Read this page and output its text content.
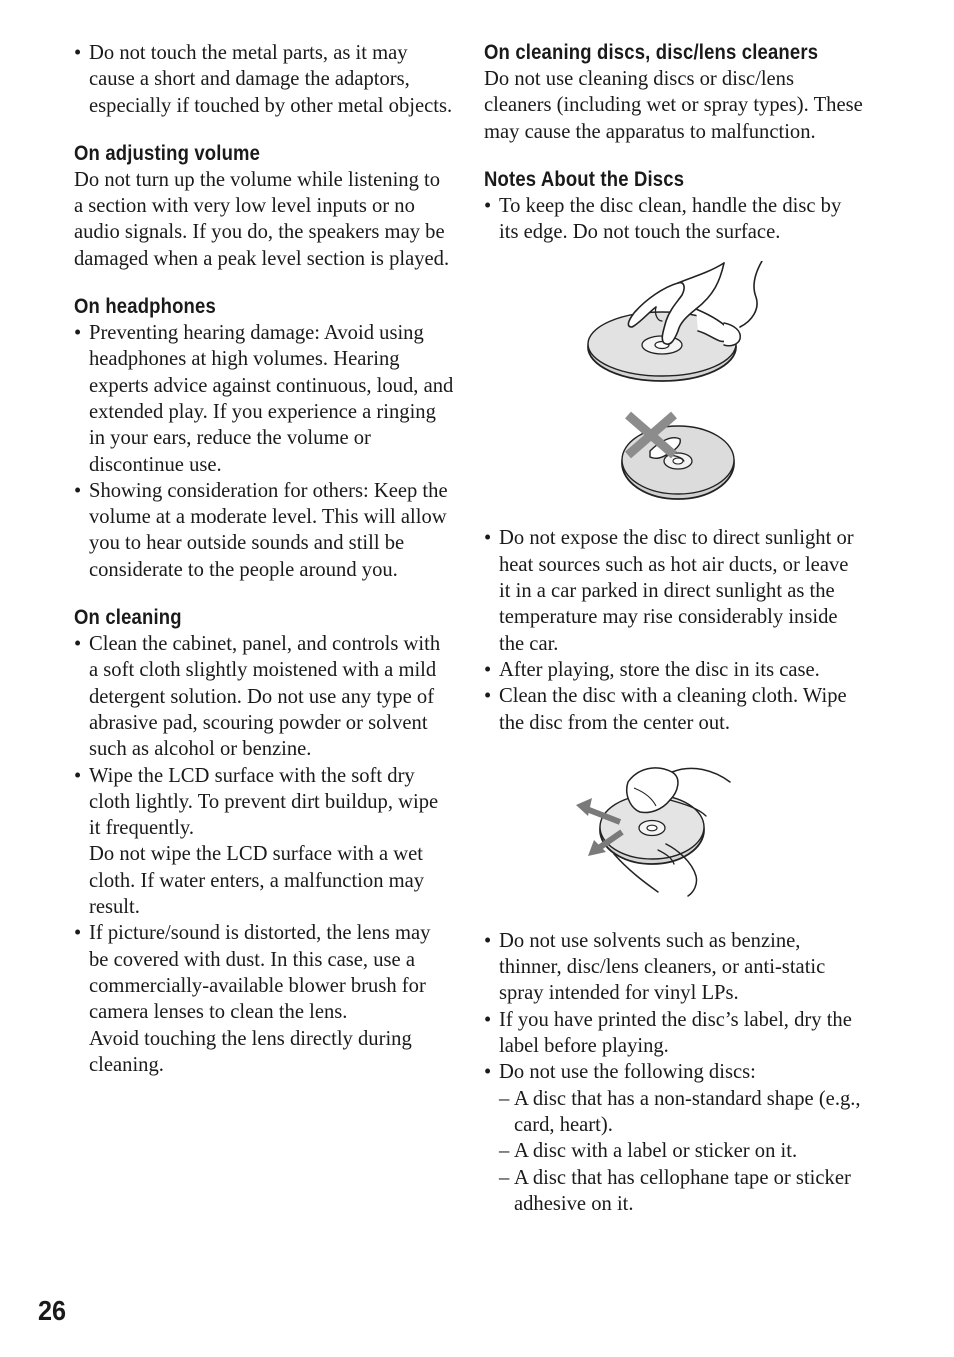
• Do not touch the metal parts, as it may cause a short and damage the adaptors, especially if touched by other metal objects.
On adjusting volume

Do not turn up the volume while listening to a section with very low level inputs or no audio signals. If you do, the speakers may be damaged when a peak level section is played.

On headphones
• Preventing hearing damage: Avoid using headphones at high volumes. Hearing experts advice against continuous, loud, and extended play. If you experience a ringing in your ears, reduce the volume or discontinue use.
• Showing consideration for others: Keep the volume at a moderate level. This will allow you to hear outside sounds and still be considerate to the people around you.
On cleaning
• Clean the cabinet, panel, and controls with a soft cloth slightly moistened with a mild detergent solution. Do not use any type of abrasive pad, scouring powder or solvent such as alcohol or benzine.
• Wipe the LCD surface with the soft dry cloth lightly. To prevent dirt buildup, wipe it frequently.
Do not wipe the LCD surface with a wet cloth. If water enters, a malfunction may result.
• If picture/sound is distorted, the lens may be covered with dust. In this case, use a commercially-available blower brush for camera lenses to clean the lens.
Avoid touching the lens directly during cleaning.
On cleaning discs, disc/lens cleaners

Do not use cleaning discs or disc/lens cleaners (including wet or spray types). These may cause the apparatus to malfunction.

Notes About the Discs
• To keep the disc clean, handle the disc by its edge. Do not touch the surface.
• Do not expose the disc to direct sunlight or heat sources such as hot air ducts, or leave it in a car parked in direct sunlight as the temperature may rise considerably inside the car.
• After playing, store the disc in its case.
• Clean the disc with a cleaning cloth. Wipe the disc from the center out.
• Do not use solvents such as benzine, thinner, disc/lens cleaners, or anti-static spray intended for vinyl LPs.
• If you have printed the disc’s label, dry the label before playing.
• Do not use the following discs:
– A disc that has a non-standard shape (e.g., card, heart).
– A disc with a label or sticker on it.
– A disc that has cellophane tape or sticker adhesive on it.
26
